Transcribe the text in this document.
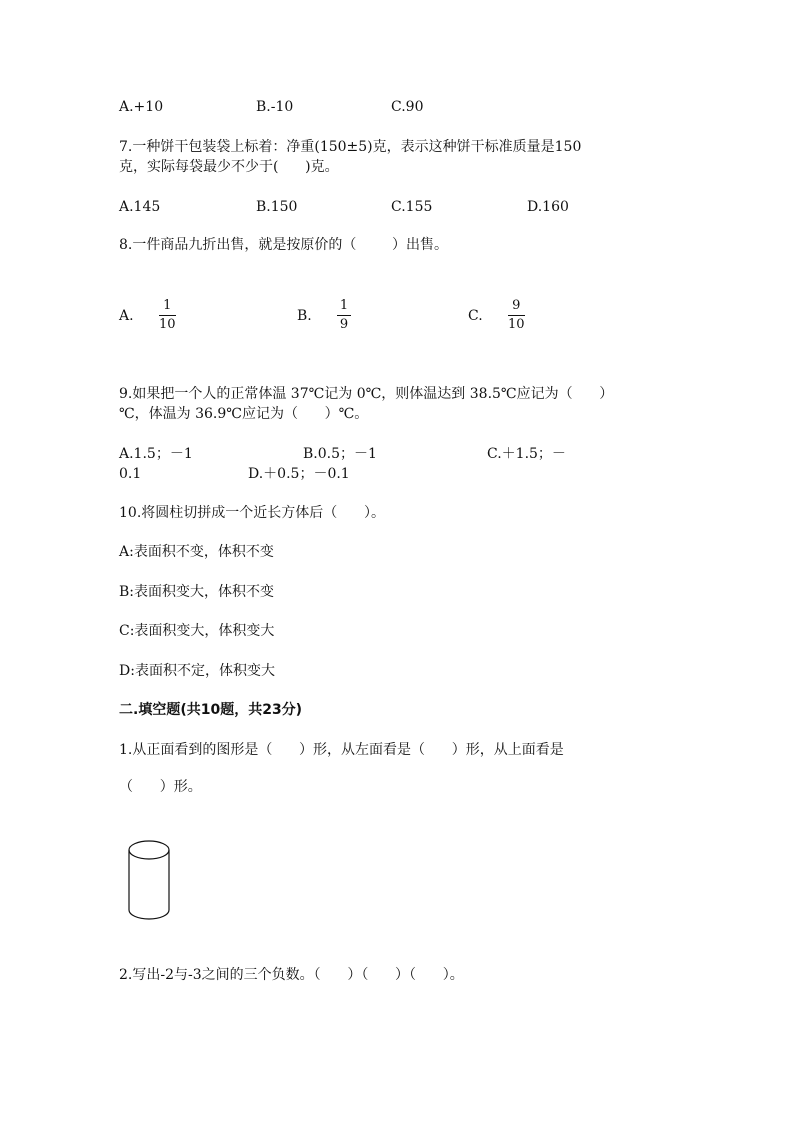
A.+10	B.-10	C.90
7.一种饼干包装袋上标着：净重(150±5)克，表示这种饼干标准质量是150
克，实际每袋最少不少于(      )克。
A.145	B.150	C.155	D.160
8.一件商品九折出售，就是按原价的（        ）出售。
A.
1
10
B.
1
9
C.
9
10
9.如果把一个人的正常体温 37℃记为 0℃，则体温达到 38.5℃应记为（      ）
℃，体温为 36.9℃应记为（      ）℃。
A.1.5；－1	B.0.5；－1	C.＋1.5；－
0.1	D.＋0.5；－0.1
10.将圆柱切拼成一个近长方体后（      ）。
A:表面积不变，体积不变
B:表面积变大，体积不变
C:表面积变大，体积变大
D:表面积不定，体积变大
二.填空题(共10题，共23分)
1.从正面看到的图形是（      ）形，从左面看是（      ）形，从上面看是
（      ）形。
2.写出-2与-3之间的三个负数。（      ）（      ）（      ）。
